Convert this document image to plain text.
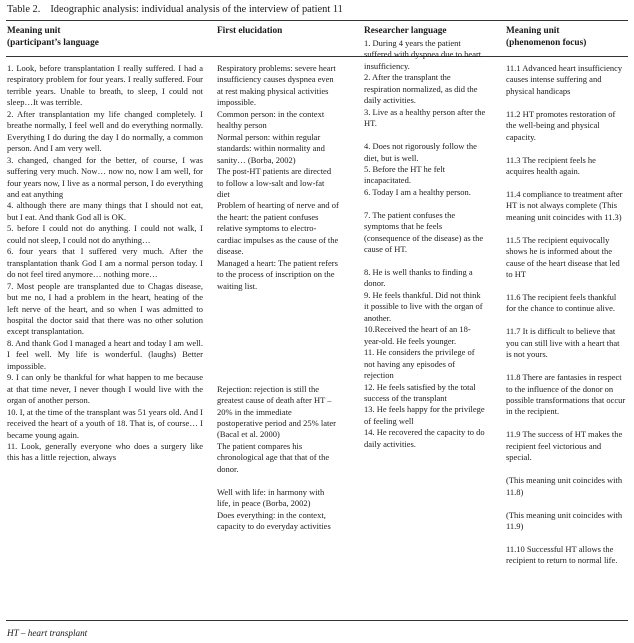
Table 2. Ideographic analysis: individual analysis of the interview of patient 11
Meaning unit
(participant’s language
First elucidation	Researcher language	Meaning unit
(phenomenon focus)

1. Look, before transplantation I really suffered. I had a respiratory problem for four years. I really suffered. Four terrible years. Unable to breath, to sleep, I could not sleep…It was terrible.

2. After transplantation my life changed completely. I breathe normally, I feel well and do everything normally. Everything I do during the day I do normally, a common person. And I am very well.

3. changed, changed for the better, of course, I was suffering very much. Now… now no, now I am well, for four years now, I live as a normal person, I do everything and eat anything

4. although there are many things that I should not eat, but I eat. And thank God all is OK.

5. before I could not do anything. I could not walk, I could not sleep, I could not do anything…

6. four years that I suffered very much. After the transplantation thank God I am a normal person today. I do not feel tired anymore… nothing more…

7. Most people are transplanted due to Chagas disease, but me no, I had a problem in the heart, heating of the left nerve of the heart, and so when I was admitted to hospital the doctor said that there was no other solution except transplantation.

8. And thank God I managed a heart and today I am well. I feel well. My life is wonderful. (laughs) Better impossible.

9. I can only be thankful for what happen to me because at that time never, I never though I would live with the organ of another person.

10. I, at the time of the transplant was 51 years old. And I received the heart of a youth of 18. That is, of course… I became young again.

11. Look, generally everyone who does a surgery like this has a little rejection, always

Respiratory problems: severe heart insufficiency causes dyspnea even at rest making physical activities impossible.

Common person: in the context healthy person

Normal person: within regular standards: within normality and sanity… (Borba, 2002)

The post-HT patients are directed to follow a low-salt and low-fat diet

Problem of hearting of nerve and of the heart: the patient confuses relative symptoms to electro-cardiac impulses as the cause of the disease.

Managed a heart: The patient refers to the process of inscription on the waiting list.

Rejection: rejection is still the greatest cause of death after HT – 20% in the immediate postoperative period and 25% later (Bacal et al. 2000)

The patient compares his chronological age that that of the donor.

Well with life: in harmony with life, in peace (Borba, 2002)

Does everything: in the context, capacity to do everyday activities

1. During 4 years the patient suffered with dyspnea due to heart insufficiency.

2. After the transplant the respiration normalized, as did the daily activities.

3. Live as a healthy person after the HT.

4. Does not rigorously follow the diet, but is well.

5. Before the HT he felt incapacitated.

6. Today I am a healthy person.

7. The patient confuses the symptoms that he feels (consequence of the disease) as the cause of HT.

8. He is well thanks to finding a donor.

9. He feels thankful. Did not think it possible to live with the organ of another.

10.Received the heart of an 18-year-old. He feels younger.

11. He considers the privilege of not having any episodes of rejection

12. He feels satisfied by the total success of the transplant

13. He feels happy for the privilege of feeling well

14. He recovered the capacity to do daily activities.

11.1 Advanced heart insufficiency causes intense suffering and physical handicaps

11.2 HT promotes restoration of the well-being and physical capacity.

11.3 The recipient feels he acquires health again.

11.4 compliance to treatment after HT is not always complete (This meaning unit coincides with 11.3)

11.5 The recipient equivocally shows he is informed about the cause of the heart disease that led to HT

11.6 The recipient feels thankful for the chance to continue alive.

11.7 It is difficult to believe that you can still live with a heart that is not yours.

11.8 There are fantasies in respect to the influence of the donor on possible transformations that occur in the recipient.

11.9 The success of HT makes the recipient feel victorious and special.

(This meaning unit coincides with 11.8)

(This meaning unit coincides with 11.9)

11.10 Successful HT allows the recipient to return to normal life.

HT – heart transplant
